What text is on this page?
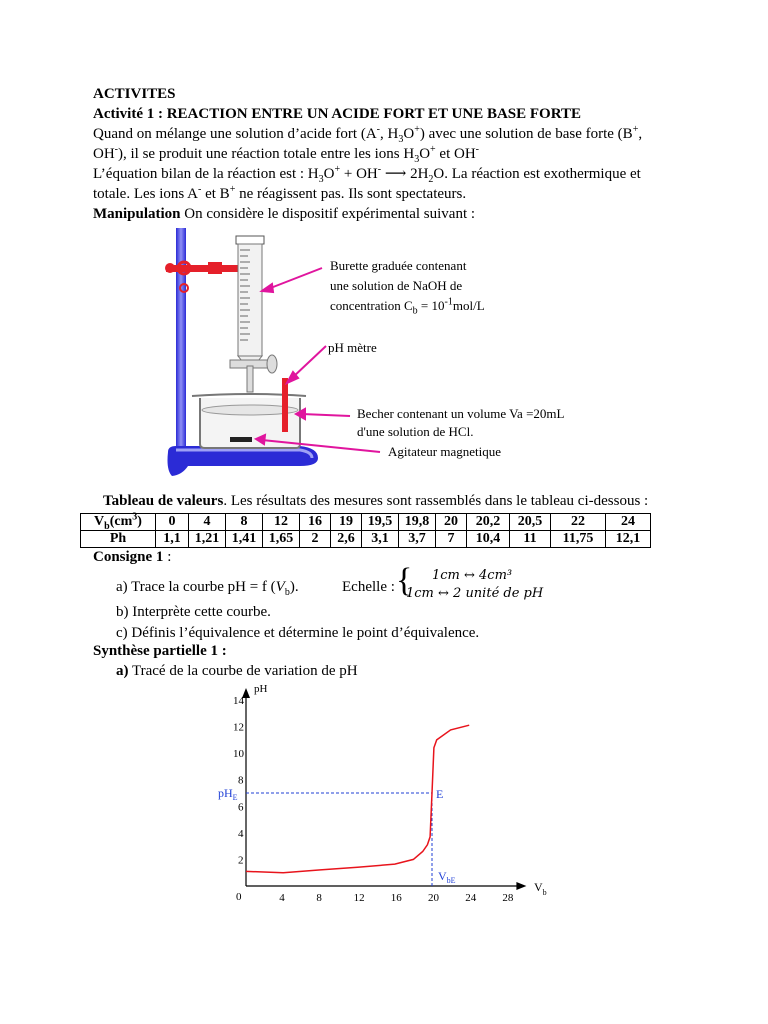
ACTIVITES
Activité 1 : REACTION ENTRE UN ACIDE FORT ET UNE BASE FORTE
Quand on mélange une solution d’acide fort (A-, $H_3O^+$) avec une solution de base forte (B+,
OH-), il se produit une réaction totale entre les ions $H_3O^+$ et OH-
L’équation bilan de la réaction est : $H_3O^+ + OH^-$ ⟶ $2H_2O$. La réaction est exothermique et
totale. Les ions A- et B+ ne réagissent pas. Ils sont spectateurs.
Manipulation On considère le dispositif expérimental suivant :
Burette graduée contenant
une solution de NaOH de
concentration $C_b = 10^{-1}mol/L$
pH mètre
Becher contenant un volume Va =20mL
d'une solution de HCl.
Agitateur magnetique
Tableau de valeurs. Les résultats des mesures sont rassemblés dans le tableau ci-dessous :
$V_b(cm^3)$	0	4	8	12	16	19	19,5	19,8	20	20,2	20,5	22	24
Ph	1,1	1,21	1,41	1,65	2	2,6	3,1	3,7	7	10,4	11	11,75	12,1
Consigne 1 :
a) Trace la courbe pH = f $(V_b)$.	Echelle : { 1cm ↔ 4cm³
1cm ↔ 2 unité de pH
b) Interprète cette courbe.
c) Définis l’équivalence et détermine le point d’équivalence.
Synthèse partielle 1 :
a) Tracé de la courbe de variation de pH
4	8	12 16 20 24 28
2
4
6
8
10
12
14
pH
$V_b$
0
$pH_E$
$V_{bE}$
E
